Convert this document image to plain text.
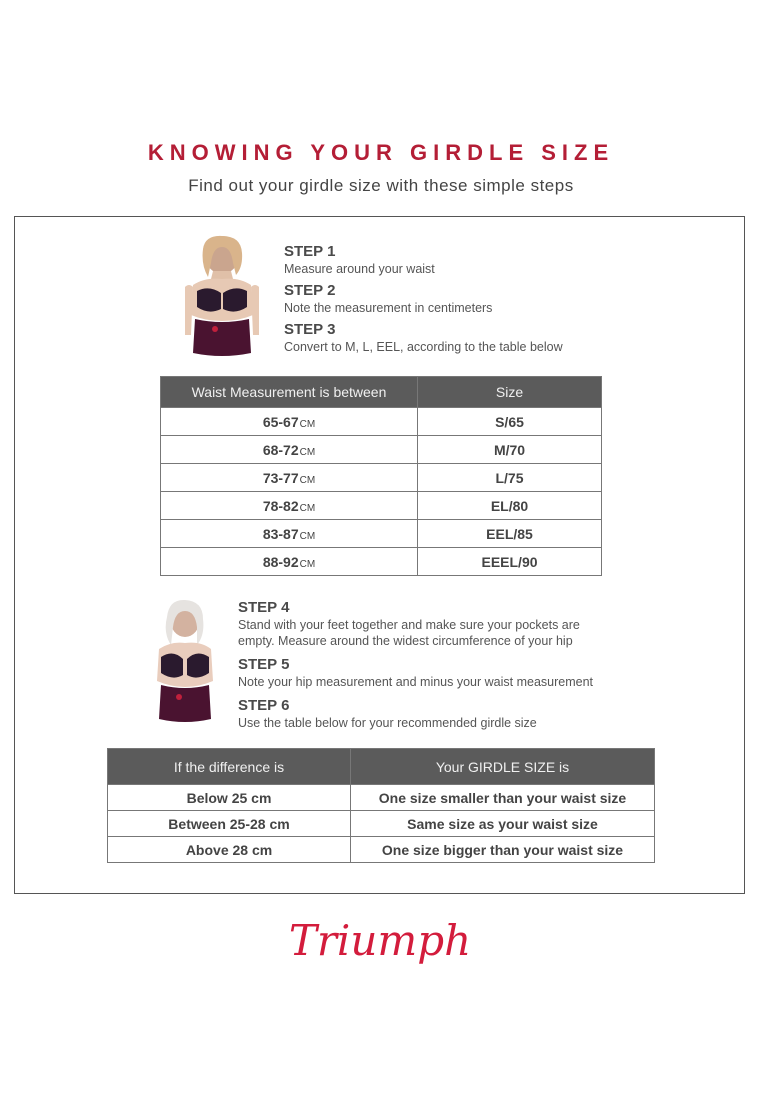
KNOWING YOUR GIRDLE SIZE
Find out your girdle size with these simple steps
STEP 1
Measure around your waist
STEP 2
Note the measurement in centimeters
STEP 3
Convert to M, L, EEL, according to the table below
Waist Measurement is between	Size
65-67CM	S/65
68-72CM	M/70
73-77CM	L/75
78-82CM	EL/80
83-87CM	EEL/85
88-92CM	EEEL/90
STEP 4
Stand with your feet together and make sure your pockets are
empty. Measure around the widest circumference of your hip
STEP 5
Note your hip measurement and minus your waist measurement
STEP 6
Use the table below for your recommended girdle size
If the difference is	Your GIRDLE SIZE is
Below 25 cm	One size smaller than your waist size
Between 25-28 cm	Same size as your waist size
Above 28 cm	One size bigger than your waist size
Triumph
